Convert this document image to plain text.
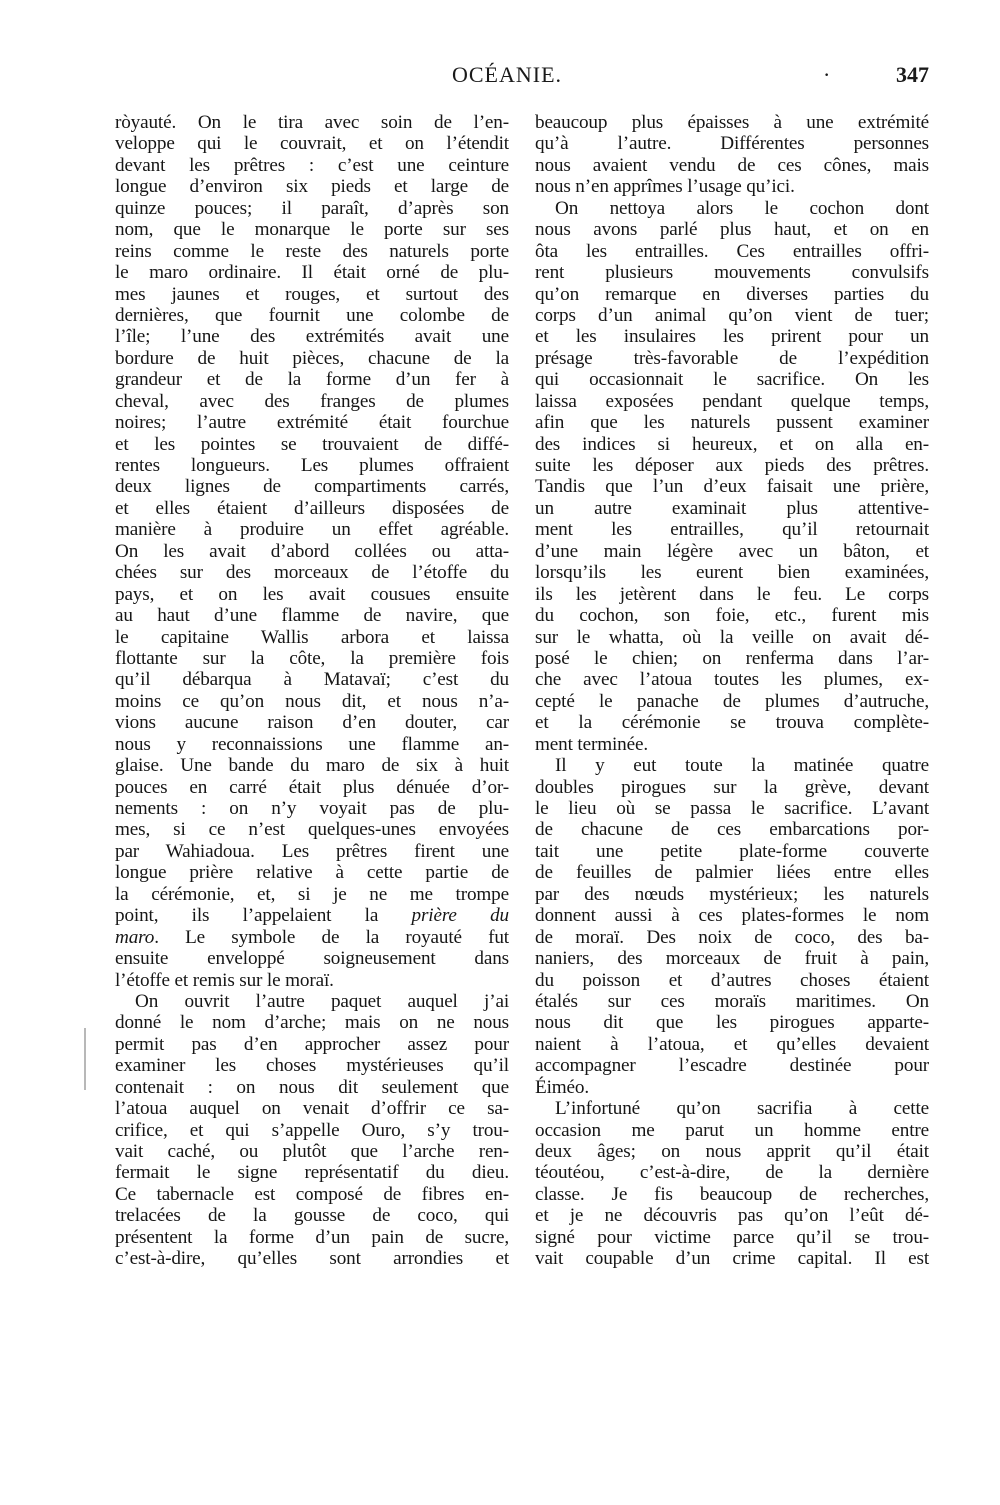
OCÉANIE.	·	347
ròyauté. On le tira avec soin de l’en-
veloppe qui le couvrait, et on l’étendit
devant les prêtres : c’est une ceinture
longue d’environ six pieds et large de
quinze pouces; il paraît, d’après son
nom, que le monarque le porte sur ses
reins comme le reste des naturels porte
le maro ordinaire. Il était orné de plu-
mes jaunes et rouges, et surtout des
dernières, que fournit une colombe de
l’île; l’une des extrémités avait une
bordure de huit pièces, chacune de la
grandeur et de la forme d’un fer à
cheval, avec des franges de plumes
noires; l’autre extrémité était fourchue
et les pointes se trouvaient de diffé-
rentes longueurs. Les plumes offraient
deux lignes de compartiments carrés,
et elles étaient d’ailleurs disposées de
manière à produire un effet agréable.
On les avait d’abord collées ou atta-
chées sur des morceaux de l’étoffe du
pays, et on les avait cousues ensuite
au haut d’une flamme de navire, que
le capitaine Wallis arbora et laissa
flottante sur la côte, la première fois
qu’il débarqua à Matavaï; c’est du
moins ce qu’on nous dit, et nous n’a-
vions aucune raison d’en douter, car
nous y reconnaissions une flamme an-
glaise. Une bande du maro de six à huit
pouces en carré était plus dénuée d’or-
nements : on n’y voyait pas de plu-
mes, si ce n’est quelques-unes envoyées
par Wahiadoua. Les prêtres firent une
longue prière relative à cette partie de
la cérémonie, et, si je ne me trompe
point, ils l’appelaient la prière du
maro. Le symbole de la royauté fut
ensuite enveloppé soigneusement dans
l’étoffe et remis sur le moraï.
On ouvrit l’autre paquet auquel j’ai
donné le nom d’arche; mais on ne nous
permit pas d’en approcher assez pour
examiner les choses mystérieuses qu’il
contenait : on nous dit seulement que
l’atoua auquel on venait d’offrir ce sa-
crifice, et qui s’appelle Ouro, s’y trou-
vait caché, ou plutôt que l’arche ren-
fermait le signe représentatif du dieu.
Ce tabernacle est composé de fibres en-
trelacées de la gousse de coco, qui
présentent la forme d’un pain de sucre,
c’est-à-dire, qu’elles sont arrondies et
beaucoup plus épaisses à une extrémité
qu’à l’autre. Différentes personnes
nous avaient vendu de ces cônes, mais
nous n’en apprîmes l’usage qu’ici.
On nettoya alors le cochon dont
nous avons parlé plus haut, et on en
ôta les entrailles. Ces entrailles offri-
rent plusieurs mouvements convulsifs
qu’on remarque en diverses parties du
corps d’un animal qu’on vient de tuer;
et les insulaires les prirent pour un
présage très-favorable de l’expédition
qui occasionnait le sacrifice. On les
laissa exposées pendant quelque temps,
afin que les naturels pussent examiner
des indices si heureux, et on alla en-
suite les déposer aux pieds des prêtres.
Tandis que l’un d’eux faisait une prière,
un autre examinait plus attentive-
ment les entrailles, qu’il retournait
d’une main légère avec un bâton, et
lorsqu’ils les eurent bien examinées,
ils les jetèrent dans le feu. Le corps
du cochon, son foie, etc., furent mis
sur le whatta, où la veille on avait dé-
posé le chien; on renferma dans l’ar-
che avec l’atoua toutes les plumes, ex-
cepté le panache de plumes d’autruche,
et la cérémonie se trouva complète-
ment terminée.
Il y eut toute la matinée quatre
doubles pirogues sur la grève, devant
le lieu où se passa le sacrifice. L’avant
de chacune de ces embarcations por-
tait une petite plate-forme couverte
de feuilles de palmier liées entre elles
par des nœuds mystérieux; les naturels
donnent aussi à ces plates-formes le nom
de moraï. Des noix de coco, des ba-
naniers, des morceaux de fruit à pain,
du poisson et d’autres choses étaient
étalés sur ces moraïs maritimes. On
nous dit que les pirogues apparte-
naient à l’atoua, et qu’elles devaient
accompagner l’escadre destinée pour
Éiméo.
L’infortuné qu’on sacrifia à cette
occasion me parut un homme entre
deux âges; on nous apprit qu’il était
téoutéou, c’est-à-dire, de la dernière
classe. Je fis beaucoup de recherches,
et je ne découvris pas qu’on l’eût dé-
signé pour victime parce qu’il se trou-
vait coupable d’un crime capital. Il est
